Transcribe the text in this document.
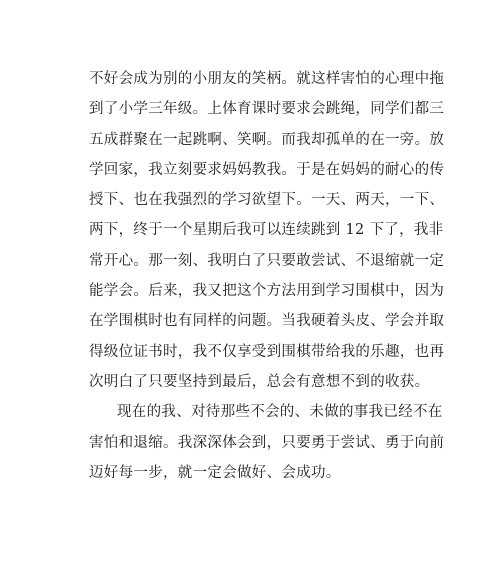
不好会成为别的小朋友的笑柄。就这样害怕的心理中拖
到了小学三年级。上体育课时要求会跳绳，同学们都三
五成群聚在一起跳啊、笑啊。而我却孤单的在一旁。放
学回家，我立刻要求妈妈教我。于是在妈妈的耐心的传
授下、也在我强烈的学习欲望下。一天、两天，一下、
两下，终于一个星期后我可以连续跳到 12 下了，我非
常开心。那一刻、我明白了只要敢尝试、不退缩就一定
能学会。后来，我又把这个方法用到学习围棋中，因为
在学围棋时也有同样的问题。当我硬着头皮、学会并取
得级位证书时，我不仅享受到围棋带给我的乐趣，也再
次明白了只要坚持到最后，总会有意想不到的收获。
现在的我、对待那些不会的、未做的事我已经不在
害怕和退缩。我深深体会到，只要勇于尝试、勇于向前
迈好每一步，就一定会做好、会成功。
